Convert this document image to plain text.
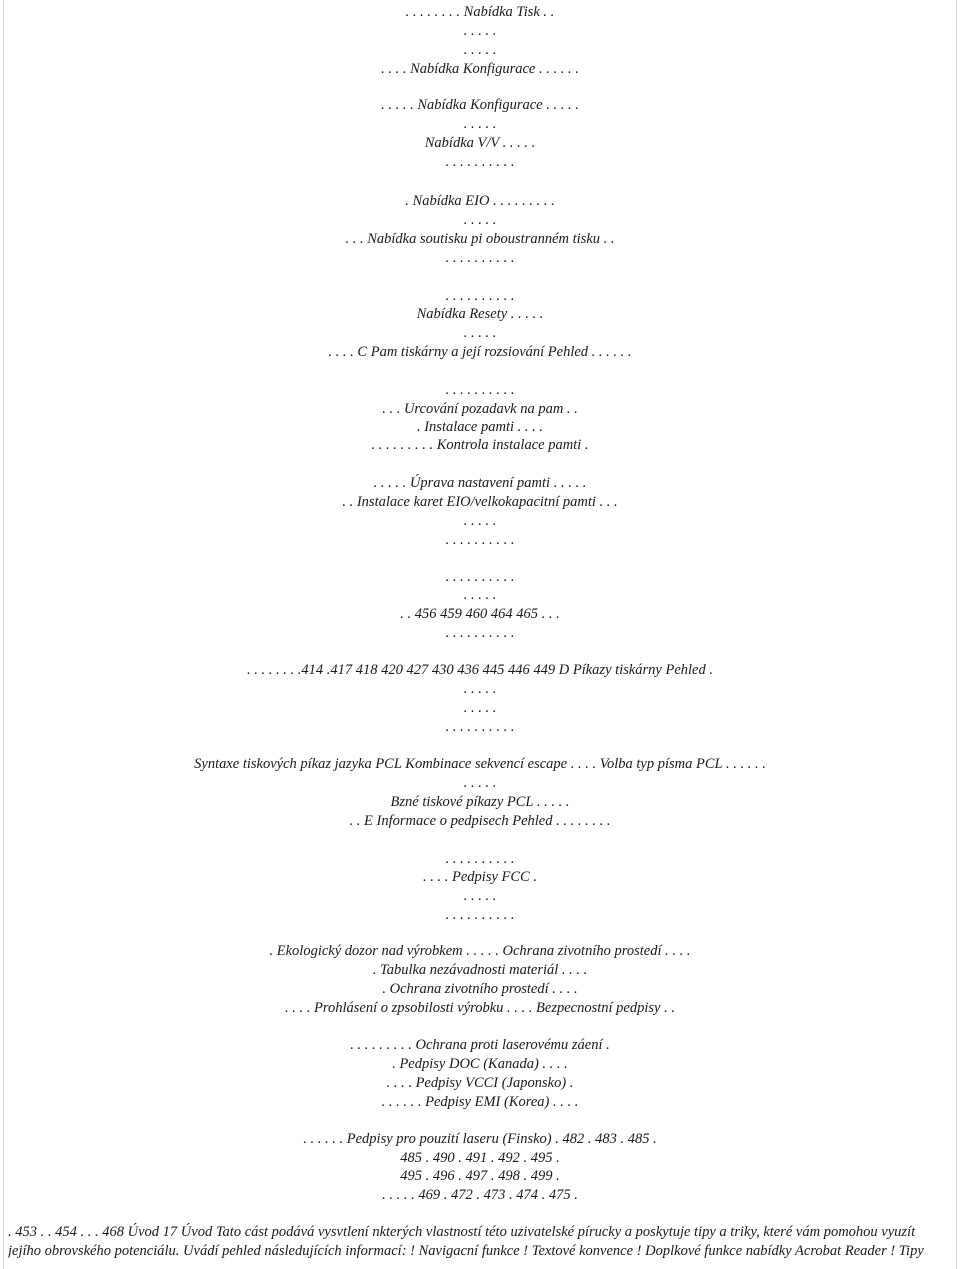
. . . . . . . . Nabídka Tisk . .
. . . . .
. . . . .
. . . . Nabídka Konfigurace . . . . . .
. . . . . Nabídka Konfigurace . . . . .
. . . . .
Nabídka V/V . . . . .
. . . . . . . . . .
. Nabídka EIO . . . . . . . . .
. . . . .
. . . Nabídka soutisku pi oboustranném tisku . .
. . . . . . . . . .
. . . . . . . . . .
Nabídka Resety . . . . .
. . . . .
. . . . C Pam tiskárny a její rozsiování Pehled . . . . . .
. . . . . . . . . .
. . . Urcování pozadavk na pam . .
. Instalace pamti . . . .
. . . . . . . . . Kontrola instalace pamti .
. . . . . Úprava nastavení pamti . . . . .
. . Instalace karet EIO/velkokapacitní pamti . . .
. . . . .
. . . . . . . . . .
. . . . . . . . . .
. . . . .
. . 456 459 460 464 465 . . .
. . . . . . . . . .
. . . . . . . .414 .417 418 420 427 430 436 445 446 449 D Píkazy tiskárny Pehled .
. . . . .
. . . . .
. . . . . . . . . .
Syntaxe tiskových píkaz jazyka PCL Kombinace sekvencí escape . . . . Volba typ písma PCL . . . . . .
. . . . .
Bzné tiskové píkazy PCL . . . . .
. . E Informace o pedpisech Pehled . . . . . . . .
. . . . . . . . . .
. . . . Pedpisy FCC .
. . . . .
. . . . . . . . . .
. Ekologický dozor nad výrobkem . . . . . Ochrana zivotního prostedí . . . .
. Tabulka nezávadnosti materiál . . . .
. Ochrana zivotního prostedí . . . .
. . . . Prohlásení o zpsobilosti výrobku . . . . Bezpecnostní pedpisy . .
. . . . . . . . . Ochrana proti laserovému záení .
. Pedpisy DOC (Kanada) . . . .
. . . . Pedpisy VCCI (Japonsko) .
. . . . . . Pedpisy EMI (Korea) . . . .
. . . . . . Pedpisy pro pouzití laseru (Finsko) . 482 . 483 . 485 .
485 . 490 . 491 . 492 . 495 .
495 . 496 . 497 . 498 . 499 .
. . . . . 469 . 472 . 473 . 474 . 475 .
. 453 . . 454 . . . 468 Úvod 17 Úvod Tato cást podává vysvtlení nkterých vlastností této uzivatelské pírucky a poskytuje tipy a triky, které vám pomohou vyuzít
jejího obrovského potenciálu. Uvádí pehled následujících informací: ! Navigacní funkce ! Textové konvence ! Doplkové funkce nabídky Acrobat Reader ! Tipy
